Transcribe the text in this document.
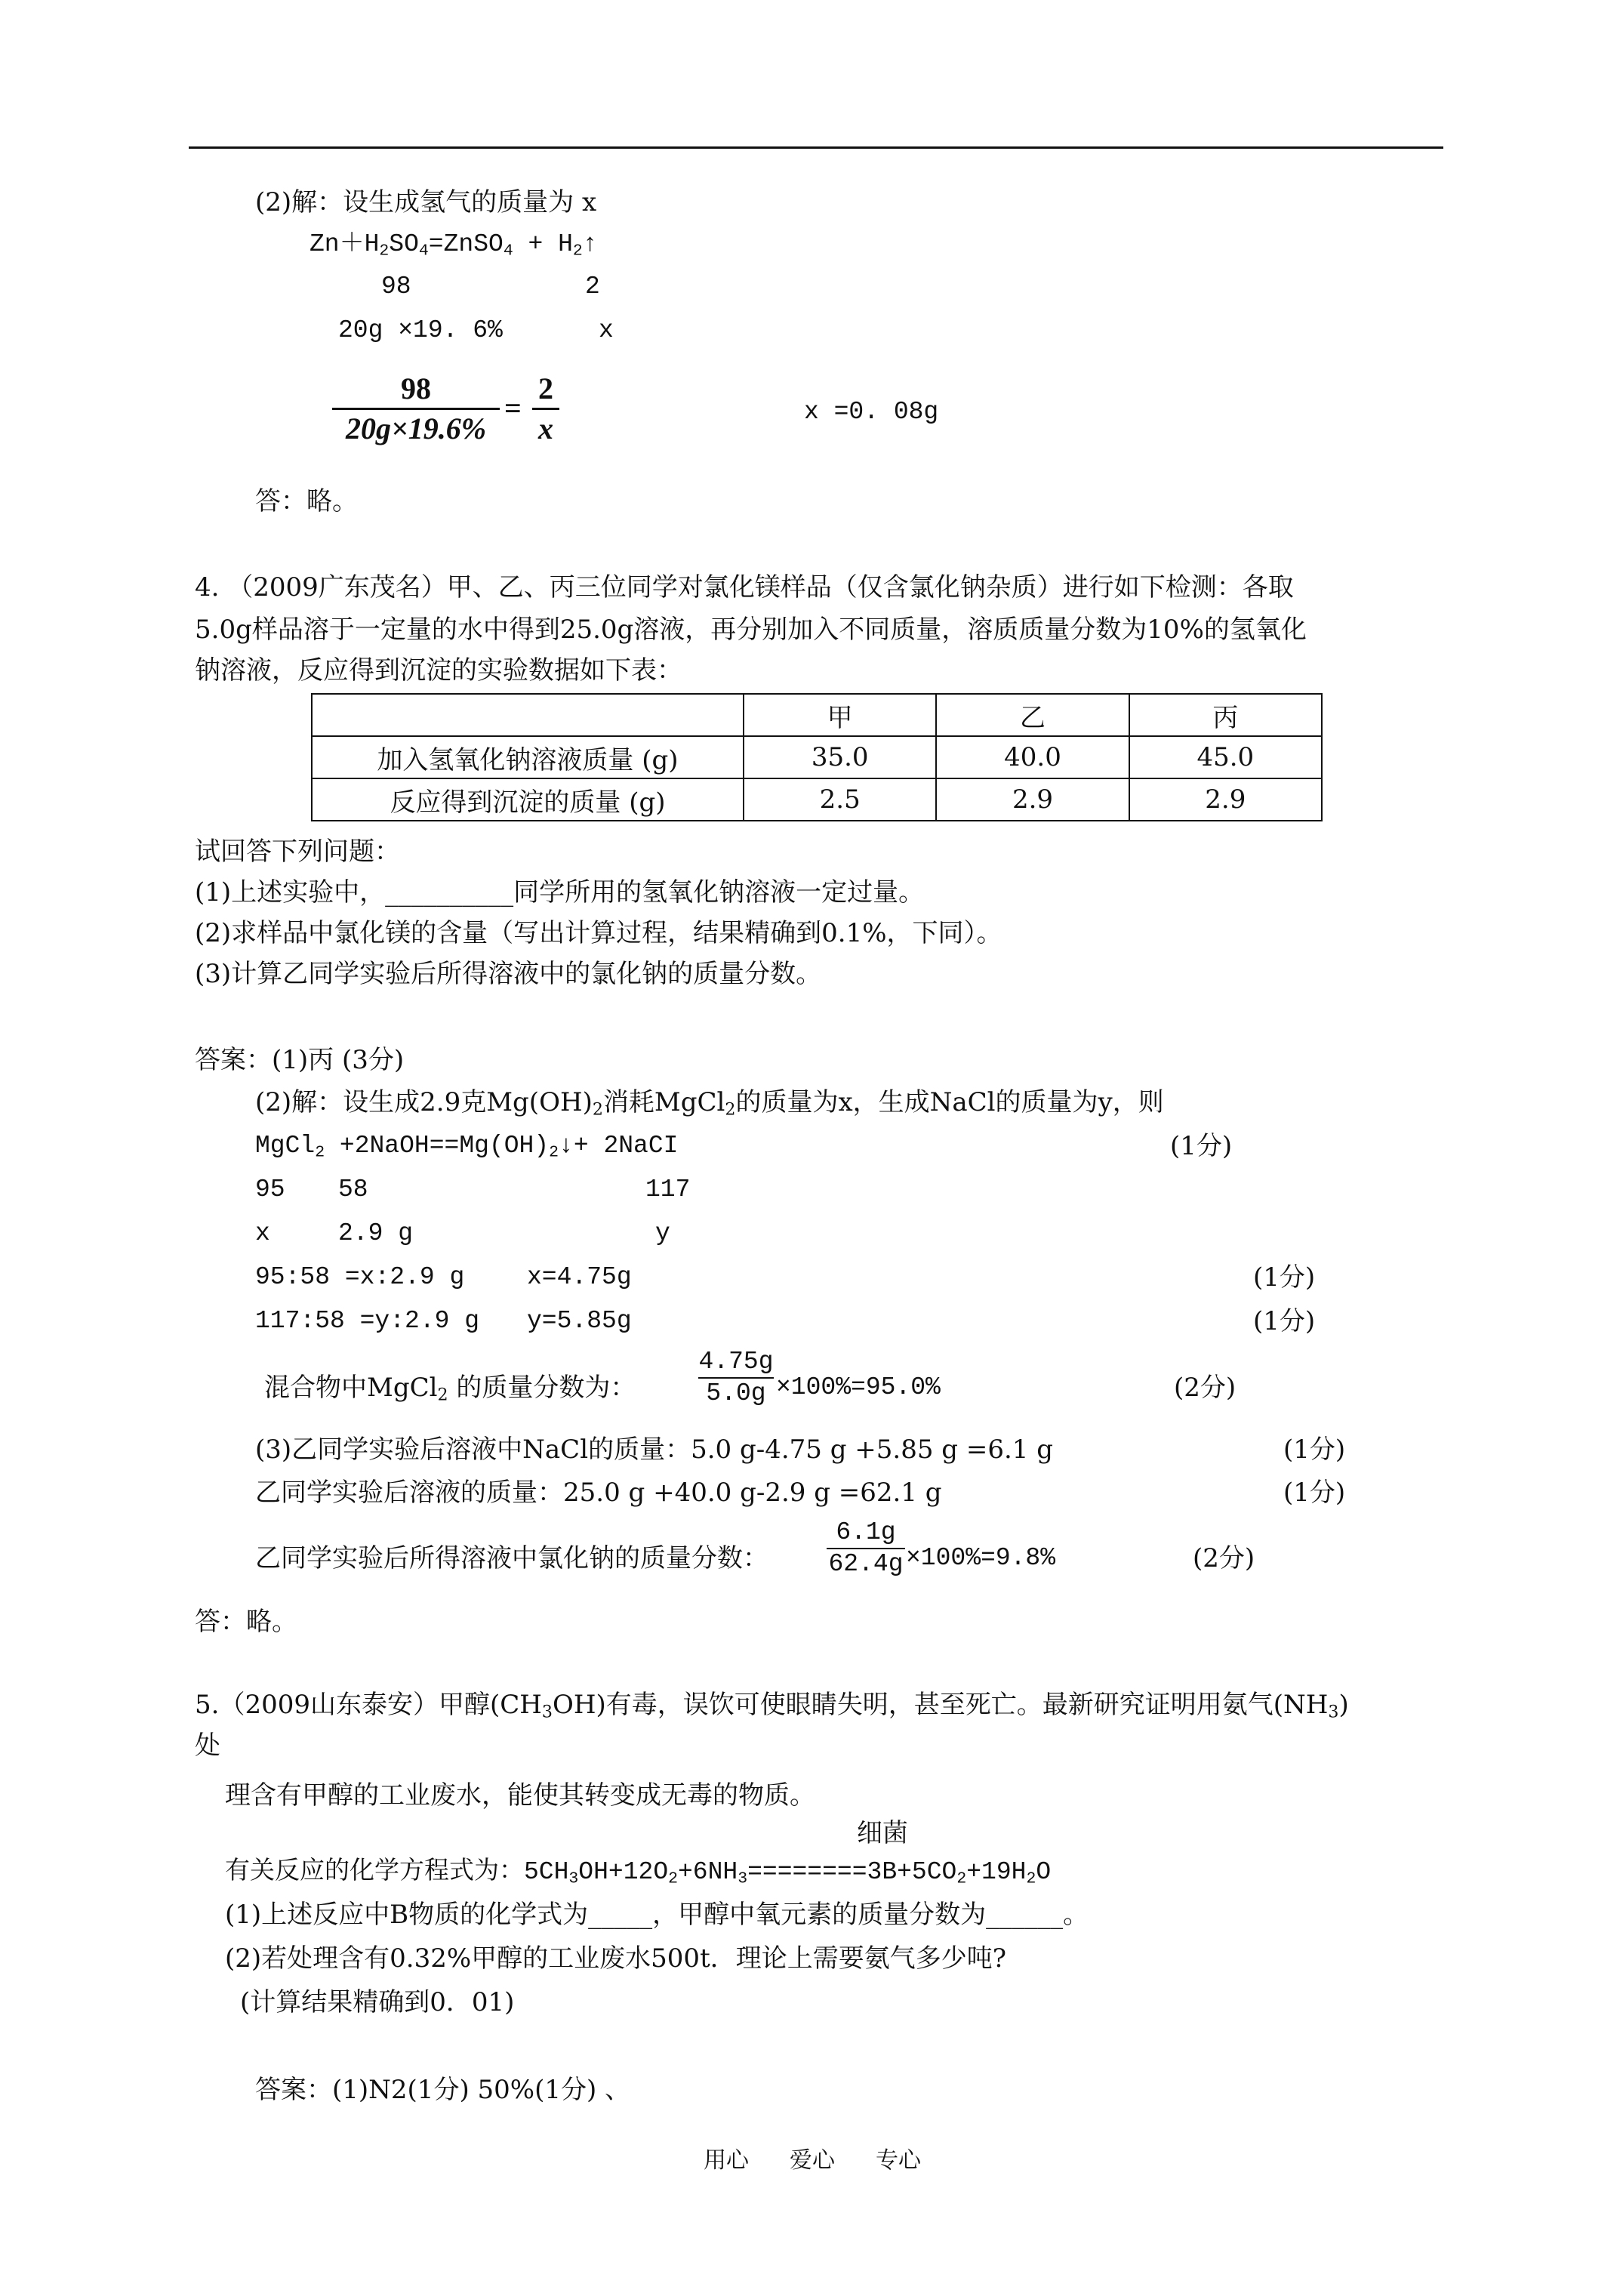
(2)解：设生成氢气的质量为 x
$Zn+H_2SO_4=ZnSO_4$ + $H_2↑$
98	2
20g ×19. 6%	x
98
20g×19.6%
=
2
x	x =0. 08g
答：略。
4. （2009广东茂名）甲、乙、丙三位同学对氯化镁样品（仅含氯化钠杂质）进行如下检测：各取
5.0g样品溶于一定量的水中得到25.0g溶液，再分别加入不同质量，溶质质量分数为10%的氢氧化
钠溶液，反应得到沉淀的实验数据如下表：
	甲	乙	丙
加入氢氧化钠溶液质量 (g)	35.0	40.0	45.0
反应得到沉淀的质量 (g)	2.5	2.9	2.9
试回答下列问题：
(1)上述实验中，__________同学所用的氢氧化钠溶液一定过量。
(2)求样品中氯化镁的含量（写出计算过程，结果精确到0.1%，下同）。
(3)计算乙同学实验后所得溶液中的氯化钠的质量分数。
答案：(1)丙 (3分)
(2)解：设生成2.9克$Mg(OH)_2$消耗MgCl$_2$的质量为x，生成NaCl的质量为y，则
MgCl$_2$ $+2NaOH==Mg(OH)_2↓+$ 2NaCI	(1分)
95 58	117
x	2.9 g	y
95:58 =x:2.9 g	x=4.75g	(1分)
117:58 =y:2.9 g y=5.85g	(1分)
混合物中MgCl$_2$ 的质量分数为：
4.75g
5.0g ×100%=95.0%	(2分)
(3)乙同学实验后溶液中NaCl的质量：5.0 g-4.75 g +5.85 g =6.1 g	(1分)
乙同学实验后溶液的质量：25.0 g +40.0 g-2.9 g =62.1 g	(1分)
乙同学实验后所得溶液中氯化钠的质量分数：
6.1g
62.4g ×100%=9.8%	(2分)
答：略。
5.（2009山东泰安）甲醇$(CH_3OH)$有毒，误饮可使眼睛失明，甚至死亡。最新研究证明用氨气$(NH_3)$
处
理含有甲醇的工业废水，能使其转变成无毒的物质。
细菌
有关反应的化学方程式为：$5CH_3OH+12O_2+6NH_3========3B+5CO_2+19H_2O$
(1)上述反应中B物质的化学式为_____，甲醇中氧元素的质量分数为______。
(2)若处理含有0.32%甲醇的工业废水500t．理论上需要氨气多少吨?
(计算结果精确到0．01)
答案：(1)N2(1分) 50%(1分) 、
用心 爱心 专心
